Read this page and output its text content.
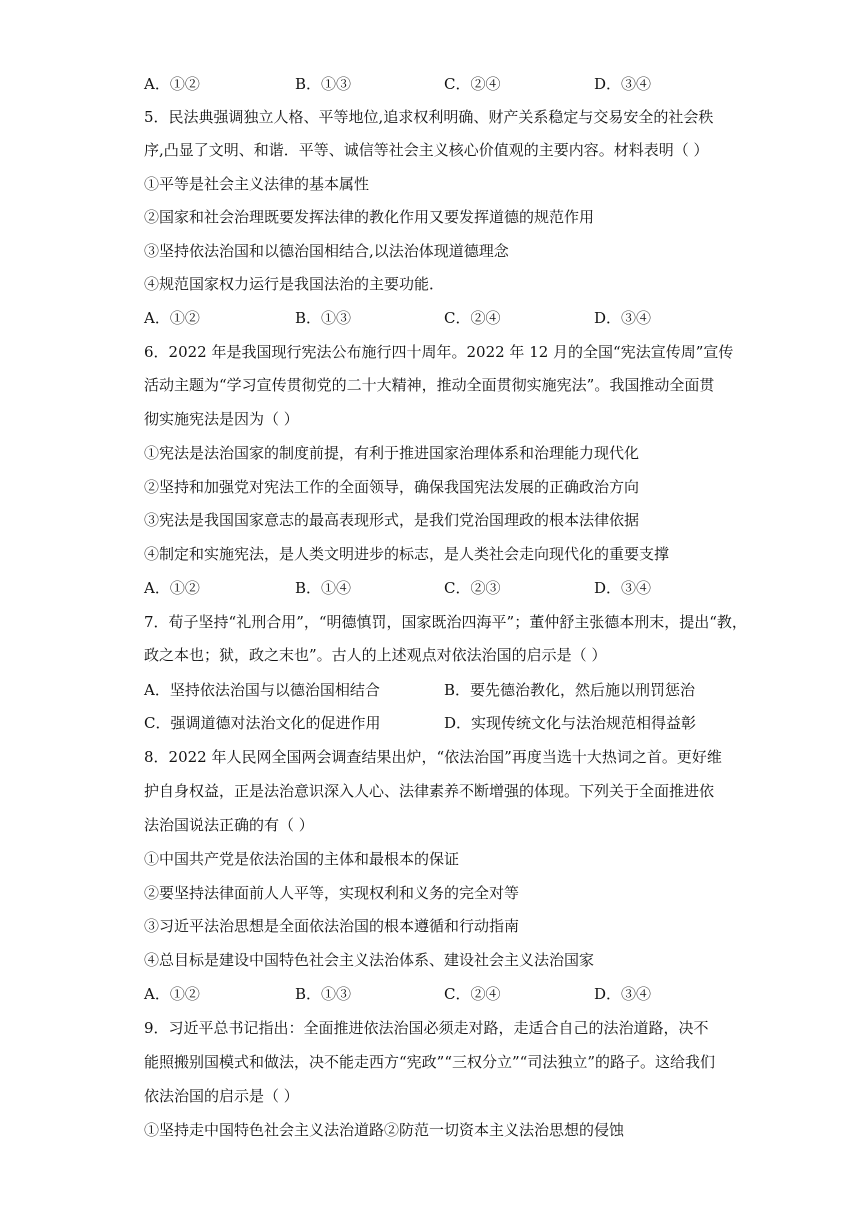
A．①②	B．①③	C．②④	D．③④
5．民法典强调独立人格、平等地位,追求权利明确、财产关系稳定与交易安全的社会秩
序,凸显了文明、和谐．平等、诚信等社会主义核心价值观的主要内容。材料表明（ ）
①平等是社会主义法律的基本属性
②国家和社会治理既要发挥法律的教化作用又要发挥道德的规范作用
③坚持依法治国和以德治国相结合,以法治体现道德理念
④规范国家权力运行是我国法治的主要功能．
A．①②	B．①③	C．②④	D．③④
6．2022 年是我国现行宪法公布施行四十周年。2022 年 12 月的全国“宪法宣传周”宣传
活动主题为“学习宣传贯彻党的二十大精神，推动全面贯彻实施宪法”。我国推动全面贯
彻实施宪法是因为（ ）
①宪法是法治国家的制度前提，有利于推进国家治理体系和治理能力现代化
②坚持和加强党对宪法工作的全面领导，确保我国宪法发展的正确政治方向
③宪法是我国国家意志的最高表现形式，是我们党治国理政的根本法律依据
④制定和实施宪法，是人类文明进步的标志，是人类社会走向现代化的重要支撑
A．①②	B．①④	C．②③	D．③④
7．荀子坚持“礼刑合用”，“明德慎罚，国家既治四海平”；董仲舒主张德本刑末，提出“教，
政之本也；狱，政之末也”。古人的上述观点对依法治国的启示是（ ）
A．坚持依法治国与以德治国相结合	B．要先德治教化，然后施以刑罚惩治
C．强调道德对法治文化的促进作用	D．实现传统文化与法治规范相得益彰
8．2022 年人民网全国两会调查结果出炉，“依法治国”再度当选十大热词之首。更好维
护自身权益，正是法治意识深入人心、法律素养不断增强的体现。下列关于全面推进依
法治国说法正确的有（ ）
①中国共产党是依法治国的主体和最根本的保证
②要坚持法律面前人人平等，实现权利和义务的完全对等
③习近平法治思想是全面依法治国的根本遵循和行动指南
④总目标是建设中国特色社会主义法治体系、建设社会主义法治国家
A．①②	B．①③	C．②④	D．③④
9．习近平总书记指出：全面推进依法治国必须走对路，走适合自己的法治道路，决不
能照搬别国模式和做法，决不能走西方“宪政”“三权分立”“司法独立”的路子。这给我们
依法治国的启示是（ ）
①坚持走中国特色社会主义法治道路②防范一切资本主义法治思想的侵蚀
